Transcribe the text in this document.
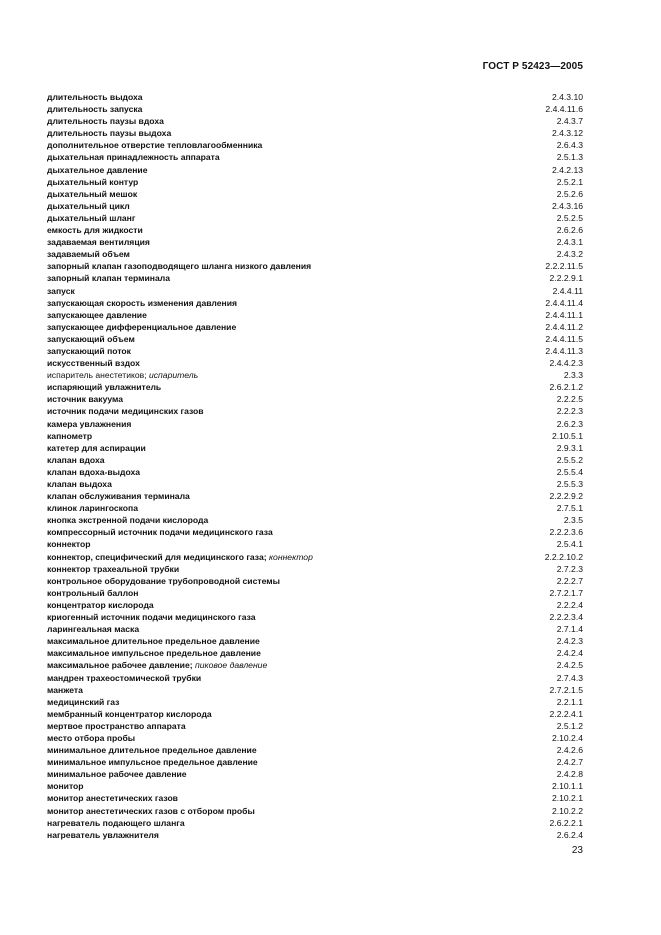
ГОСТ Р 52423—2005
длительность выдоха	2.4.3.10
длительность запуска	2.4.4.11.6
длительность паузы вдоха	2.4.3.7
длительность паузы выдоха	2.4.3.12
дополнительное отверстие тепловлагообменника	2.6.4.3
дыхательная принадлежность аппарата	2.5.1.3
дыхательное давление	2.4.2.13
дыхательный контур	2.5.2.1
дыхательный мешок	2.5.2.6
дыхательный цикл	2.4.3.16
дыхательный шланг	2.5.2.5
емкость для жидкости	2.6.2.6
задаваемая вентиляция	2.4.3.1
задаваемый объем	2.4.3.2
запорный клапан газоподводящего шланга низкого давления	2.2.2.11.5
запорный клапан терминала	2.2.2.9.1
запуск	2.4.4.11
запускающая скорость изменения давления	2.4.4.11.4
запускающее давление	2.4.4.11.1
запускающее дифференциальное давление	2.4.4.11.2
запускающий объем	2.4.4.11.5
запускающий поток	2.4.4.11.3
искусственный вздох	2.4.4.2.3
испаритель анестетиков; испаритель	2.3.3
испаряющий увлажнитель	2.6.2.1.2
источник вакуума	2.2.2.5
источник подачи медицинских газов	2.2.2.3
камера увлажнения	2.6.2.3
капнометр	2.10.5.1
катетер для аспирации	2.9.3.1
клапан вдоха	2.5.5.2
клапан вдоха-выдоха	2.5.5.4
клапан выдоха	2.5.5.3
клапан обслуживания терминала	2.2.2.9.2
клинок ларингоскопа	2.7.5.1
кнопка экстренной подачи кислорода	2.3.5
компрессорный источник подачи медицинского газа	2.2.2.3.6
коннектор	2.5.4.1
коннектор, специфический для медицинского газа; коннектор	2.2.2.10.2
коннектор трахеальной трубки	2.7.2.3
контрольное оборудование трубопроводной системы	2.2.2.7
контрольный баллон	2.7.2.1.7
концентратор кислорода	2.2.2.4
криогенный источник подачи медицинского газа	2.2.2.3.4
ларингеальная маска	2.7.1.4
максимальное длительное предельное давление	2.4.2.3
максимальное импульсное предельное давление	2.4.2.4
максимальное рабочее давление; пиковое давление	2.4.2.5
мандрен трахеостомической трубки	2.7.4.3
манжета	2.7.2.1.5
медицинский газ	2.2.1.1
мембранный концентратор кислорода	2.2.2.4.1
мертвое пространство аппарата	2.5.1.2
место отбора пробы	2.10.2.4
минимальное длительное предельное давление	2.4.2.6
минимальное импульсное предельное давление	2.4.2.7
минимальное рабочее давление	2.4.2.8
монитор	2.10.1.1
монитор анестетических газов	2.10.2.1
монитор анестетических газов с отбором пробы	2.10.2.2
нагреватель подающего шланга	2.6.2.2.1
нагреватель увлажнителя	2.6.2.4
23
